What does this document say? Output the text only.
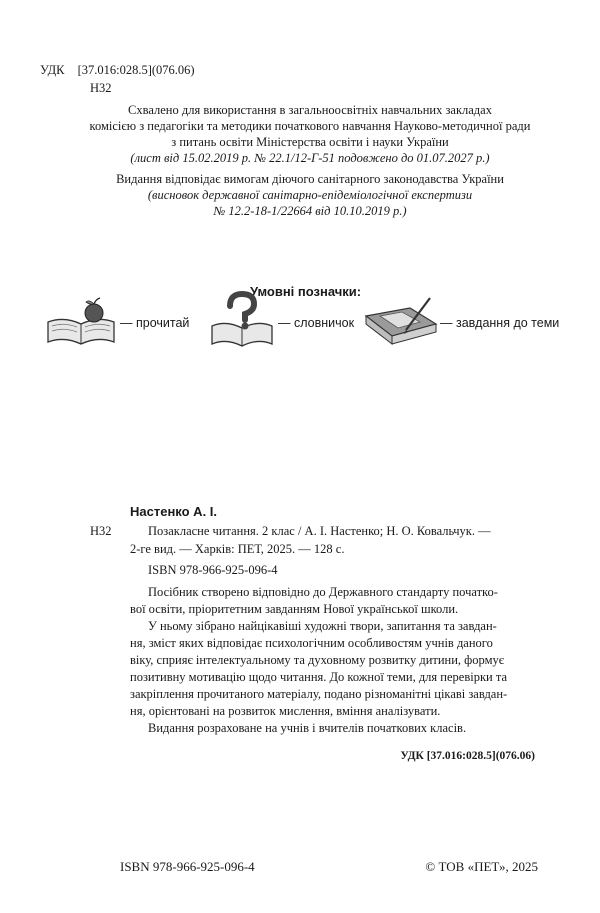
УДК [37.016:028.5](076.06)
Н32
Схвалено для використання в загальноосвітніх навчальних закладах
комісією з педагогіки та методики початкового навчання Науково-методичної ради
з питань освіти Міністерства освіти і науки України
(лист від 15.02.2019 р. № 22.1/12-Г-51 подовжено до 01.07.2027 р.)
Видання відповідає вимогам діючого санітарного законодавства України
(висновок державної санітарно-епідеміологічної експертизи
№ 12.2-18-1/22664 від 10.10.2019 р.)
Умовні позначки:
— прочитай	— словничок	— завдання до теми
Настенко А. І.
Н32	Позакласне читання. 2 клас / А. І. Настенко; Н. О. Ковальчук. —
2-ге вид. — Харків: ПЕТ, 2025. — 128 с.
ISBN 978-966-925-096-4
Посібник створено відповідно до Державного стандарту початко-
вої освіти, пріоритетним завданням Нової української школи.
У ньому зібрано найцікавіші художні твори, запитання та завдан-
ня, зміст яких відповідає психологічним особливостям учнів даного
віку, сприяє інтелектуальному та духовному розвитку дитини, формує
позитивну мотивацію щодо читання. До кожної теми, для перевірки та
закріплення прочитаного матеріалу, подано різноманітні цікаві завдан-
ня, орієнтовані на розвиток мислення, вміння аналізувати.
Видання розраховане на учнів і вчителів початкових класів.
УДК [37.016:028.5](076.06)
ISBN 978-966-925-096-4	© ТОВ «ПЕТ», 2025
